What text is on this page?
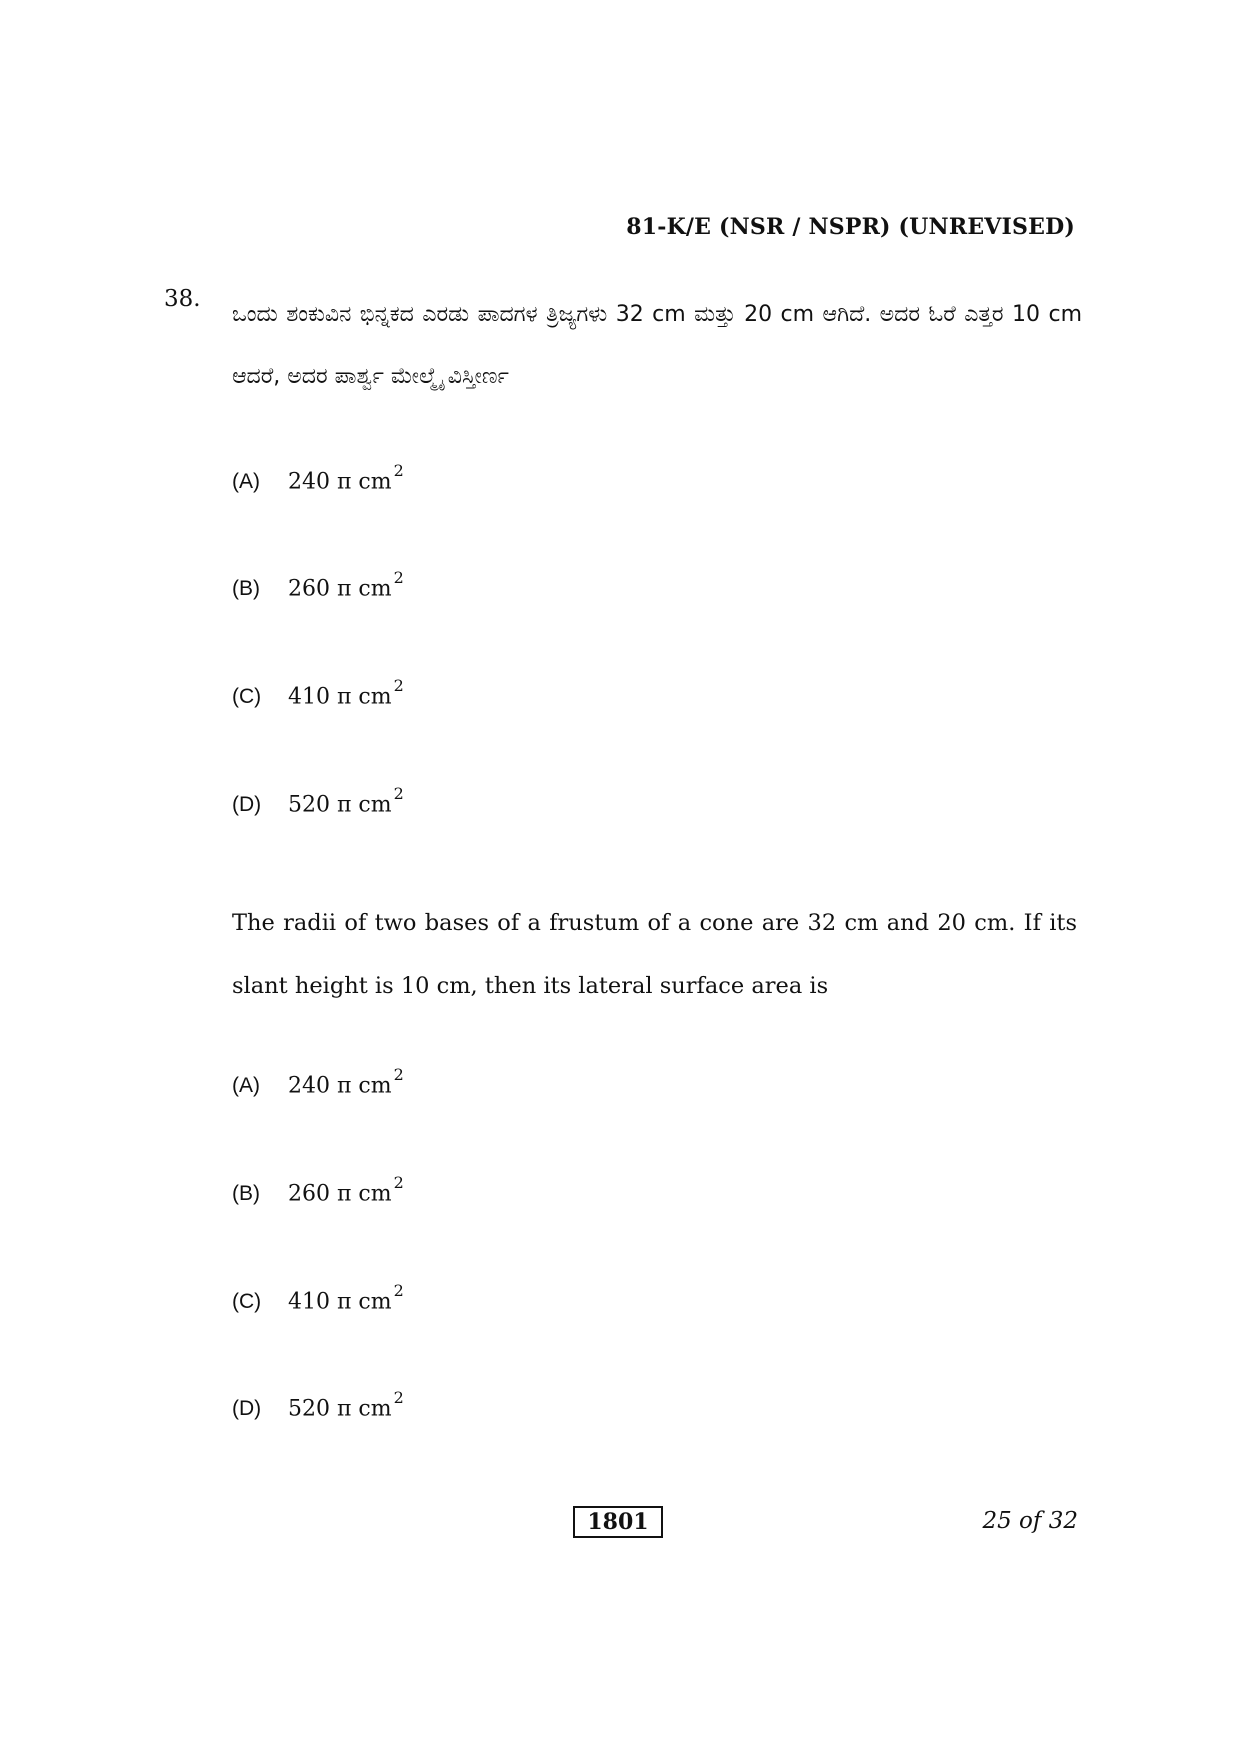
81-K/E (NSR / NSPR) (UNREVISED)
38.
ಒಂದು ಶಂಕುವಿನ ಭಿನ್ನಕದ ಎರಡು ಪಾದಗಳ ತ್ರಿಜ್ಯಗಳು 32 cm ಮತ್ತು 20 cm ಆಗಿದೆ. ಅದರ ಓರೆ ಎತ್ತರ 10 cm ಆದರೆ, ಅದರ ಪಾರ್ಶ್ವ ಮೇಲ್ಮೈ ವಿಸ್ತೀರ್ಣ
(A) 240 π cm $^2$
(B) 260 π cm $^2$
(C) 410 π cm $^2$
(D) 520 π cm $^2$
The radii of two bases of a frustum of a cone are 32 cm and 20 cm. If its slant height is 10 cm, then its lateral surface area is
(A) 240 π cm $^2$
(B) 260 π cm $^2$
(C) 410 π cm $^2$
(D) 520 π cm $^2$
1801	25 of 32
